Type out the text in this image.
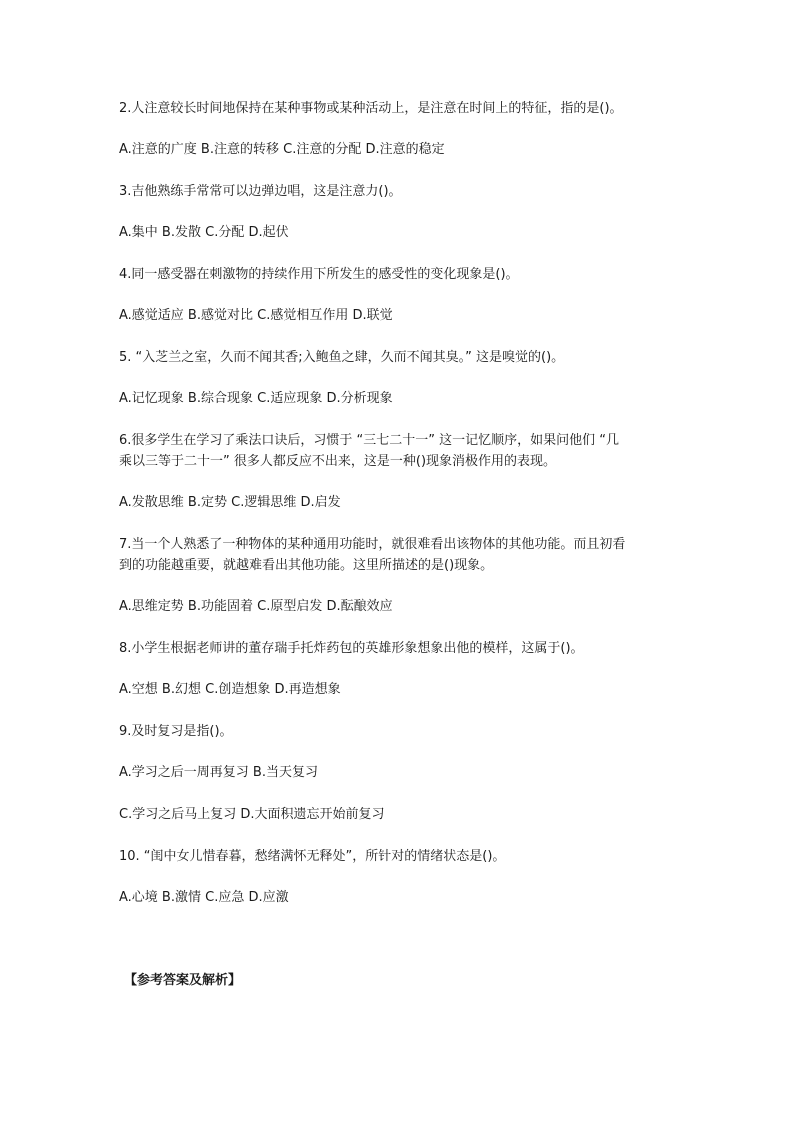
2.人注意较长时间地保持在某种事物或某种活动上，是注意在时间上的特征，指的是()。
A.注意的广度 B.注意的转移 C.注意的分配 D.注意的稳定
3.吉他熟练手常常可以边弹边唱，这是注意力()。
A.集中 B.发散 C.分配 D.起伏
4.同一感受器在刺激物的持续作用下所发生的感受性的变化现象是()。
A.感觉适应 B.感觉对比 C.感觉相互作用 D.联觉
5. “入芝兰之室，久而不闻其香;入鲍鱼之肆，久而不闻其臭。” 这是嗅觉的()。
A.记忆现象 B.综合现象 C.适应现象 D.分析现象
6.很多学生在学习了乘法口诀后，习惯于 “三七二十一” 这一记忆顺序，如果问他们 “几
乘以三等于二十一” 很多人都反应不出来，这是一种()现象消极作用的表现。
A.发散思维 B.定势 C.逻辑思维 D.启发
7.当一个人熟悉了一种物体的某种通用功能时，就很难看出该物体的其他功能。而且初看
到的功能越重要，就越难看出其他功能。这里所描述的是()现象。
A.思维定势 B.功能固着 C.原型启发 D.酝酿效应
8.小学生根据老师讲的董存瑞手托炸药包的英雄形象想象出他的模样，这属于()。
A.空想 B.幻想 C.创造想象 D.再造想象
9.及时复习是指()。
A.学习之后一周再复习 B.当天复习
C.学习之后马上复习 D.大面积遗忘开始前复习
10. “闺中女儿惜春暮，愁绪满怀无释处”，所针对的情绪状态是()。
A.心境 B.激情 C.应急 D.应激
【参考答案及解析】
